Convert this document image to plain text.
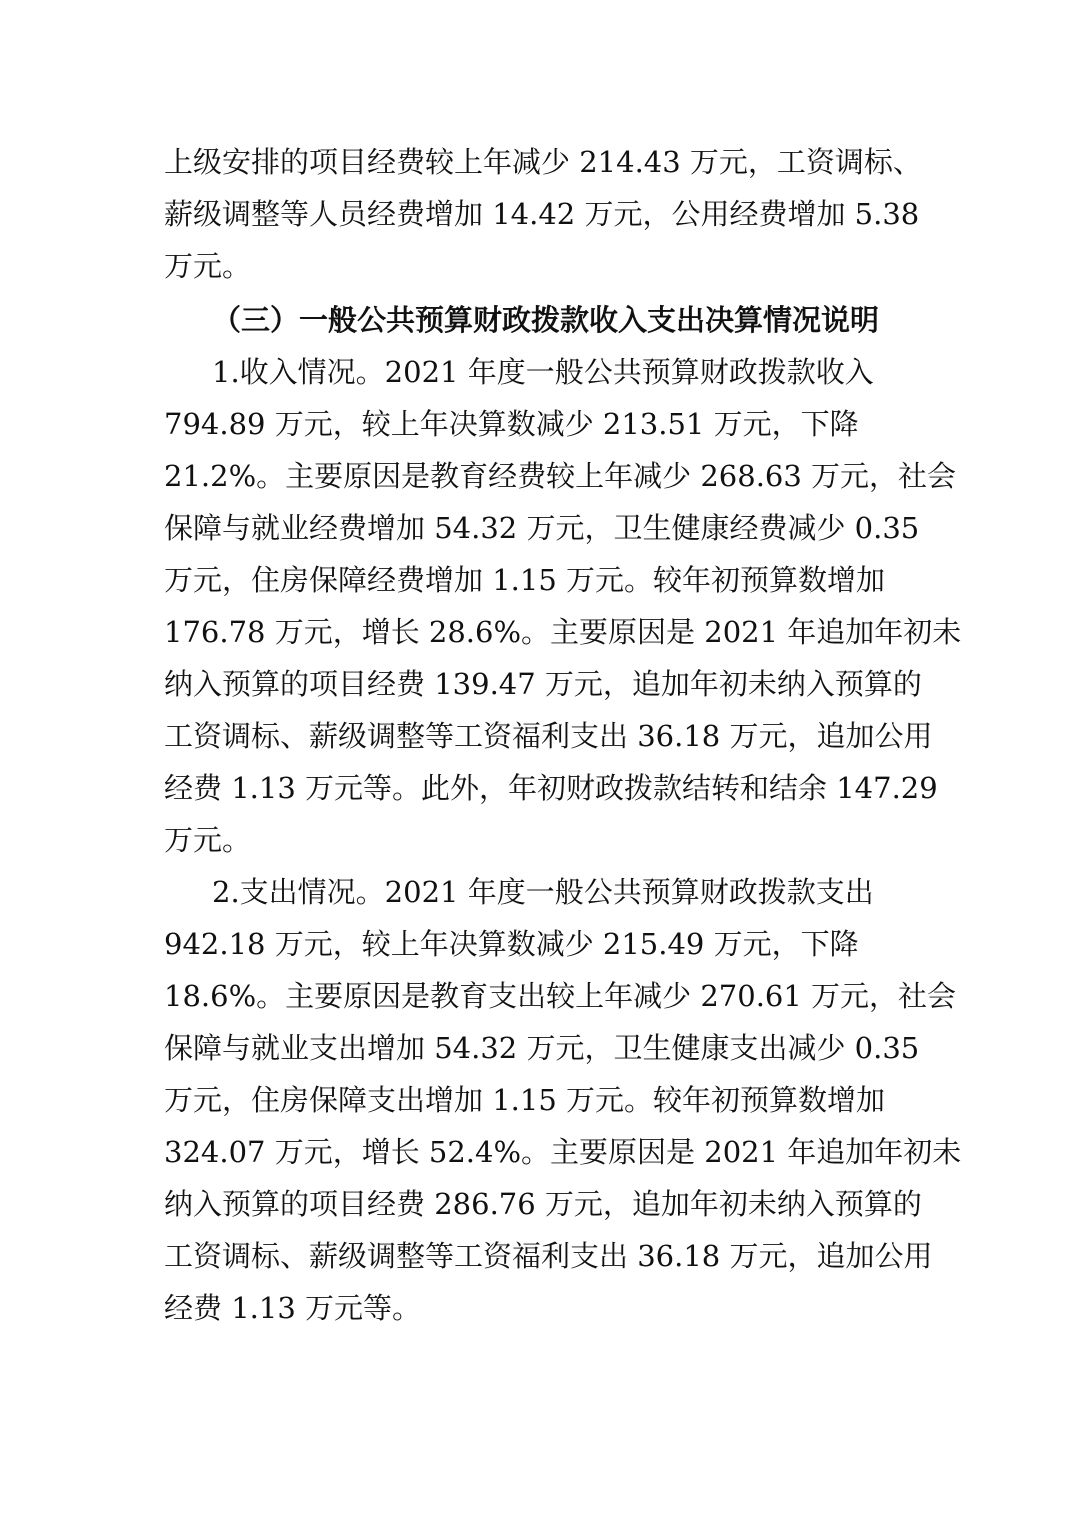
上级安排的项目经费较上年减少 214.43 万元，工资调标、

薪级调整等人员经费增加 14.42 万元，公用经费增加 5.38

万元。

（三）一般公共预算财政拨款收入支出决算情况说明

1.收入情况。2021 年度一般公共预算财政拨款收入

794.89 万元，较上年决算数减少 213.51 万元，下降

21.2%。主要原因是教育经费较上年减少 268.63 万元，社会

保障与就业经费增加 54.32 万元，卫生健康经费减少 0.35

万元，住房保障经费增加 1.15 万元。较年初预算数增加

176.78 万元，增长 28.6%。主要原因是 2021 年追加年初未

纳入预算的项目经费 139.47 万元，追加年初未纳入预算的

工资调标、薪级调整等工资福利支出 36.18 万元，追加公用

经费 1.13 万元等。此外，年初财政拨款结转和结余 147.29

万元。

2.支出情况。2021 年度一般公共预算财政拨款支出

942.18 万元，较上年决算数减少 215.49 万元，下降

18.6%。主要原因是教育支出较上年减少 270.61 万元，社会

保障与就业支出增加 54.32 万元，卫生健康支出减少 0.35

万元，住房保障支出增加 1.15 万元。较年初预算数增加

324.07 万元，增长 52.4%。主要原因是 2021 年追加年初未

纳入预算的项目经费 286.76 万元，追加年初未纳入预算的

工资调标、薪级调整等工资福利支出 36.18 万元，追加公用

经费 1.13 万元等。
